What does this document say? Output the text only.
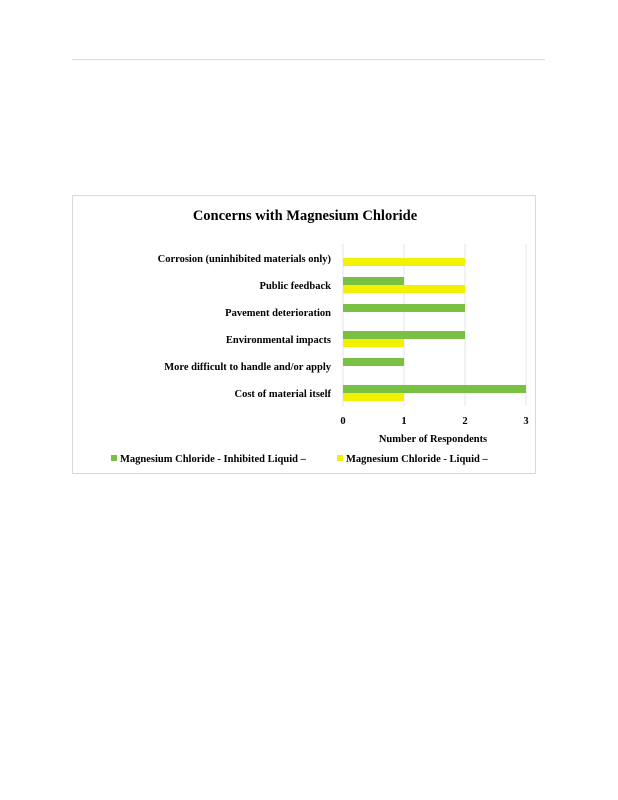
Concerns with Magnesium Chloride
Corrosion (uninhibited materials only)
Public feedback
Pavement deterioration
Environmental impacts
More difficult to handle and/or apply
Cost of material itself
0	1	2	3
Number of Respondents
Magnesium Chloride - Inhibited Liquid –	Magnesium Chloride - Liquid –
